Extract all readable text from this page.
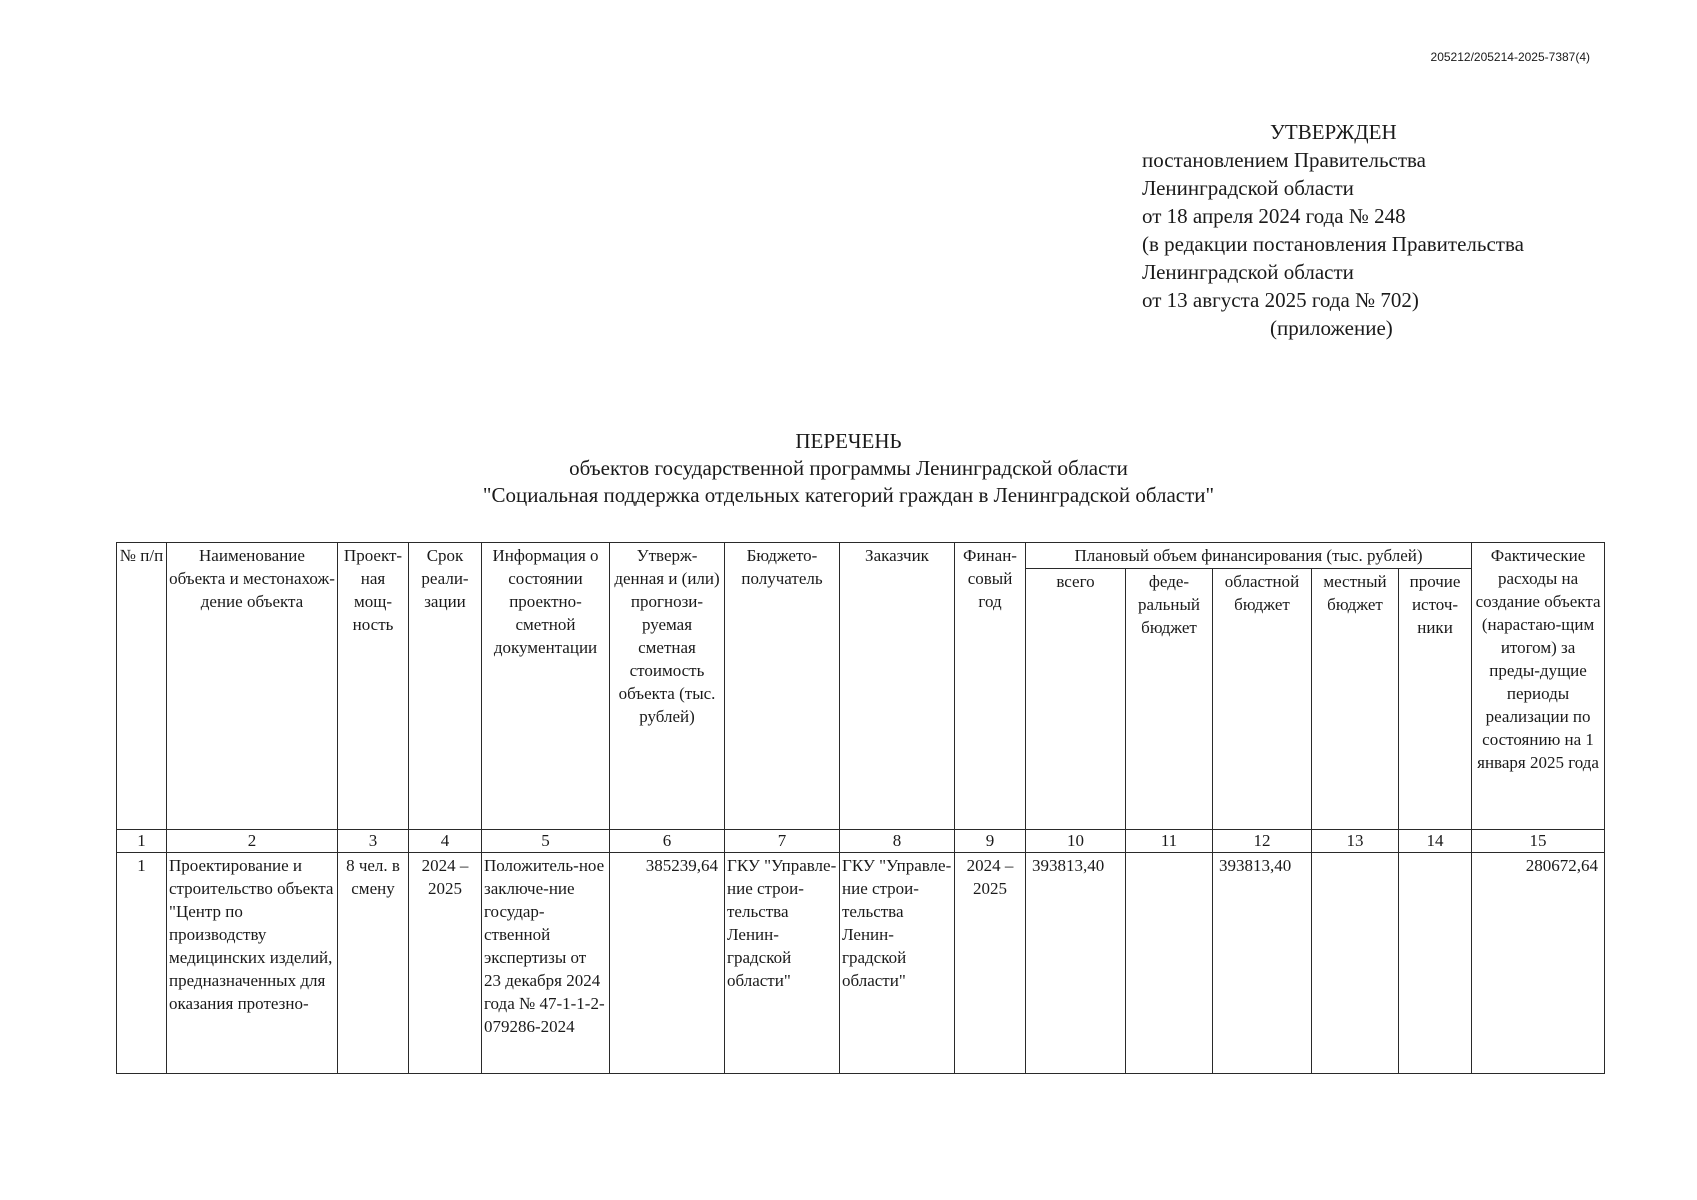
205212/205214-2025-7387(4)
УТВЕРЖДЕН
постановлением Правительства
Ленинградской области
от 18 апреля 2024 года № 248
(в редакции постановления Правительства
Ленинградской области
от 13 августа 2025 года № 702)
(приложение)
ПЕРЕЧЕНЬ
объектов государственной программы Ленинградской области
"Социальная поддержка отдельных категорий граждан в Ленинградской области"
№ п/п	Наименование объекта и местонахож-дение объекта	Проект-ная мощ-ность	Срок реали-зации	Информация о состоянии проектно-сметной документации	Утверж-денная и (или) прогнози-руемая сметная стоимость объекта (тыс. рублей)	Бюджето-получатель	Заказчик	Финан-совый год	Плановый объем финансирования (тыс. рублей)					Фактические расходы на создание объекта (нарастаю-щим итогом) за преды-дущие периоды реализации по состоянию на 1 января 2025 года
									всего	феде-ральный бюджет	областной бюджет	местный бюджет	прочие источ-ники	
1	2	3	4	5	6	7	8	9	10	11	12	13	14	15
1	Проектирование и строительство объекта "Центр по производству медицинских изделий, предназначенных для оказания протезно-	8 чел. в смену	2024 – 2025	Положитель-ное заключе-ние государ-ственной экспертизы от 23 декабря 2024 года № 47-1-1-2-079286-2024	385239,64	ГКУ "Управле-ние строи-тельства Ленин-градской области"	ГКУ "Управле-ние строи-тельства Ленин-градской области"	2024 – 2025	393813,40		393813,40			280672,64
